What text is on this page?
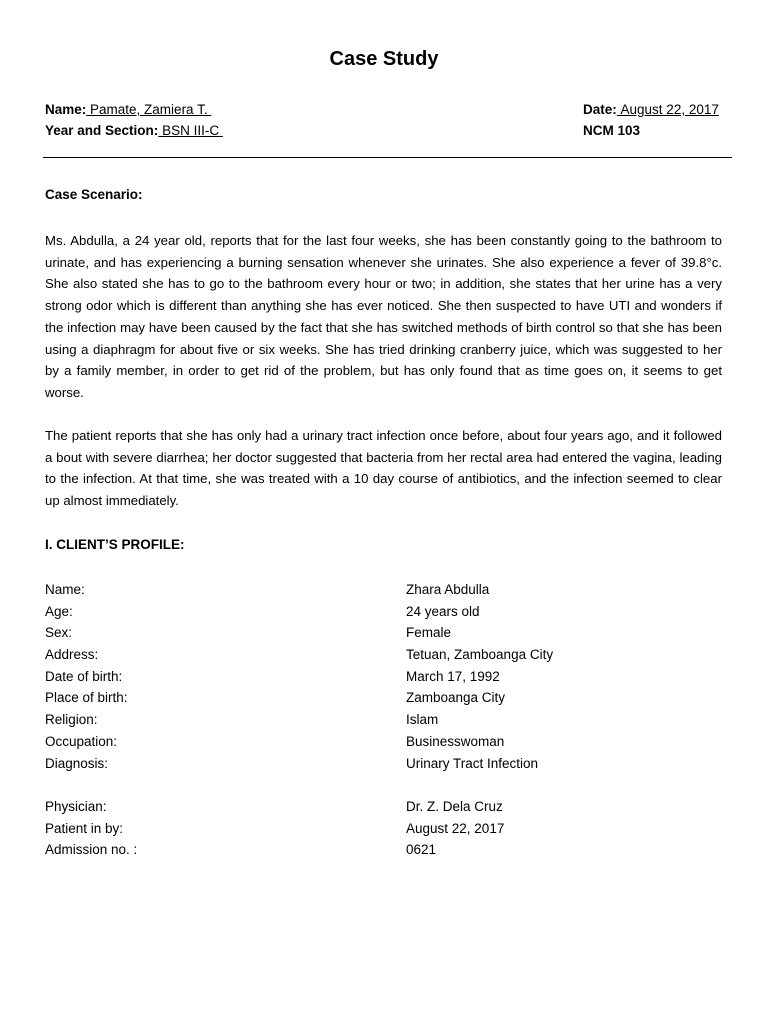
Case Study
Name: Pamate, Zamiera T.
Year and Section: BSN III-C
Date: August 22, 2017
NCM 103
Case Scenario:
Ms. Abdulla, a 24 year old, reports that for the last four weeks, she has been constantly going to the bathroom to urinate, and has experiencing a burning sensation whenever she urinates. She also experience a fever of 39.8°c. She also stated she has to go to the bathroom every hour or two; in addition, she states that her urine has a very strong odor which is different than anything she has ever noticed. She then suspected to have UTI and wonders if the infection may have been caused by the fact that she has switched methods of birth control so that she has been using a diaphragm for about five or six weeks. She has tried drinking cranberry juice, which was suggested to her by a family member, in order to get rid of the problem, but has only found that as time goes on, it seems to get worse.
The patient reports that she has only had a urinary tract infection once before, about four years ago, and it followed a bout with severe diarrhea; her doctor suggested that bacteria from her rectal area had entered the vagina, leading to the infection. At that time, she was treated with a 10 day course of antibiotics, and the infection seemed to clear up almost immediately.
I. CLIENT’S PROFILE:
Name:	Zhara Abdulla
Age:	24 years old
Sex:	Female
Address:	Tetuan, Zamboanga City
Date of birth:	March 17, 1992
Place of birth:	Zamboanga City
Religion:	Islam
Occupation:	Businesswoman
Diagnosis:	Urinary Tract Infection
Physician:	Dr. Z. Dela Cruz
Patient in by:	August 22, 2017
Admission no. :	0621
